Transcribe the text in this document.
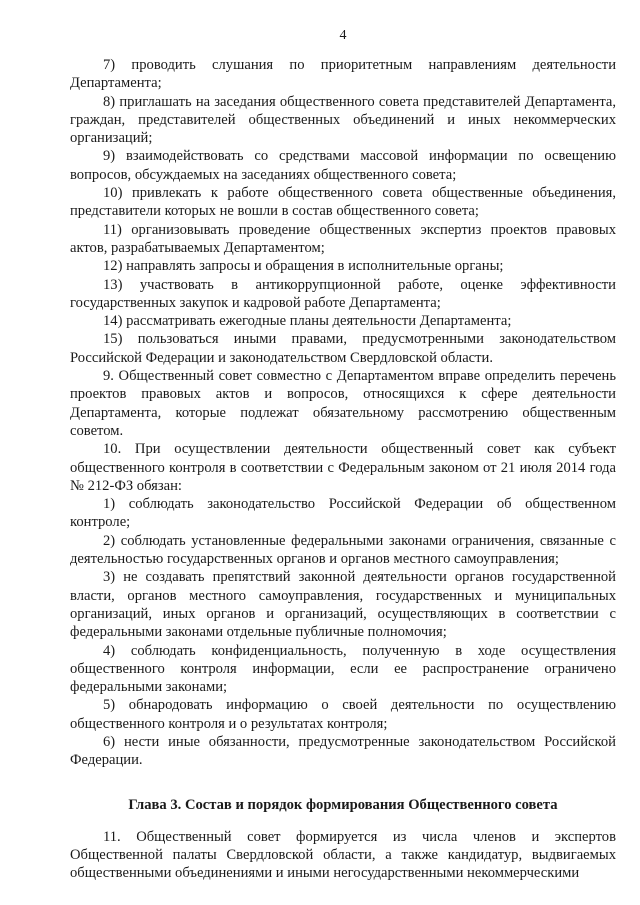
4

7) проводить слушания по приоритетным направлениям деятельности Департамента;

8) приглашать на заседания общественного совета представителей Департамента, граждан, представителей общественных объединений и иных некоммерческих организаций;

9) взаимодействовать со средствами массовой информации по освещению вопросов, обсуждаемых на заседаниях общественного совета;

10) привлекать к работе общественного совета общественные объединения, представители которых не вошли в состав общественного совета;

11) организовывать проведение общественных экспертиз проектов правовых актов, разрабатываемых Департаментом;

12) направлять запросы и обращения в исполнительные органы;

13) участвовать в антикоррупционной работе, оценке эффективности государственных закупок и кадровой работе Департамента;

14) рассматривать ежегодные планы деятельности Департамента;

15) пользоваться иными правами, предусмотренными законодательством Российской Федерации и законодательством Свердловской области.

9. Общественный совет совместно с Департаментом вправе определить перечень проектов правовых актов и вопросов, относящихся к сфере деятельности Департамента, которые подлежат обязательному рассмотрению общественным советом.

10. При осуществлении деятельности общественный совет как субъект общественного контроля в соответствии с Федеральным законом от 21 июля 2014 года № 212-ФЗ обязан:

1) соблюдать законодательство Российской Федерации об общественном контроле;

2) соблюдать установленные федеральными законами ограничения, связанные с деятельностью государственных органов и органов местного самоуправления;

3) не создавать препятствий законной деятельности органов государственной власти, органов местного самоуправления, государственных и муниципальных организаций, иных органов и организаций, осуществляющих в соответствии с федеральными законами отдельные публичные полномочия;

4) соблюдать конфиденциальность, полученную в ходе осуществления общественного контроля информации, если ее распространение ограничено федеральными законами;

5) обнародовать информацию о своей деятельности по осуществлению общественного контроля и о результатах контроля;

6) нести иные обязанности, предусмотренные законодательством Российской Федерации.

Глава 3. Состав и порядок формирования Общественного совета

11. Общественный совет формируется из числа членов и экспертов Общественной палаты Свердловской области, а также кандидатур, выдвигаемых общественными объединениями и иными негосударственными некоммерческими
